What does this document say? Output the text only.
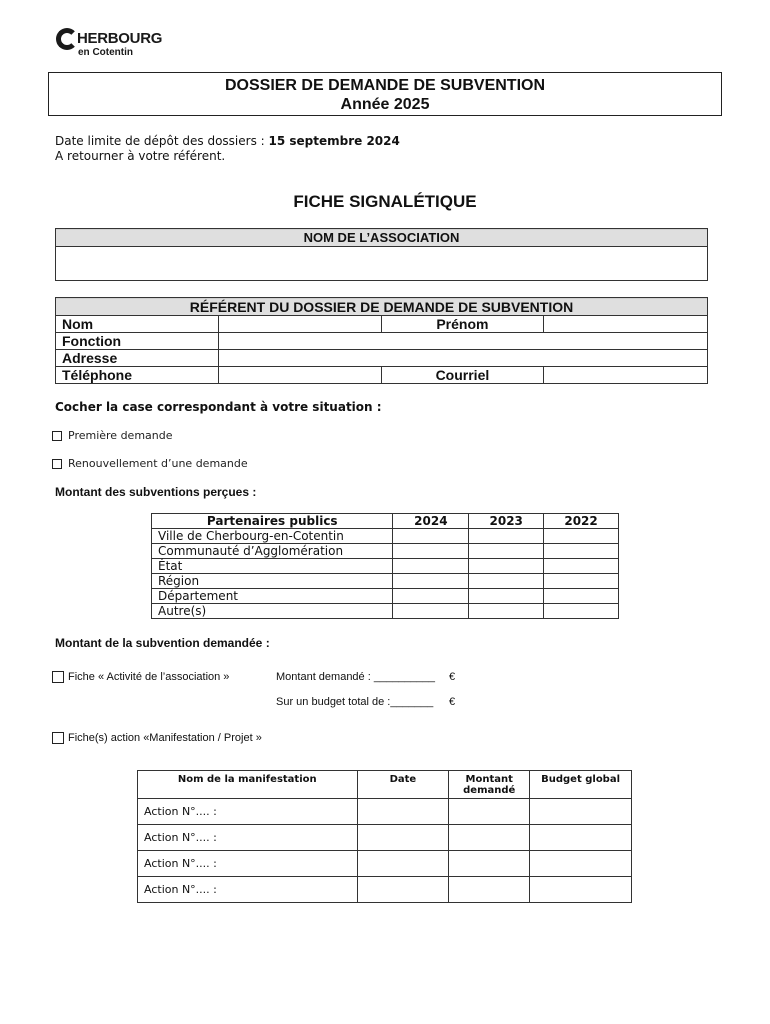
HERBOURG
en Cotentin
DOSSIER DE DEMANDE DE SUBVENTION
Année 2025
Date limite de dépôt des dossiers : 15 septembre 2024
A retourner à votre référent.
FICHE SIGNALÉTIQUE
NOM DE L’ASSOCIATION

RÉFÉRENT DU DOSSIER DE DEMANDE DE SUBVENTION			
Nom		Prénom	
Fonction			
Adresse			
Téléphone		Courriel	
Cocher la case correspondant à votre situation :
Première demande
Renouvellement d’une demande
Montant des subventions perçues :
Partenaires publics	2024	2023	2022
Ville de Cherbourg-en-Cotentin			
Communauté d’Agglomération			
État			
Région			
Département			
Autre(s)			
Montant de la subvention demandée :
Fiche « Activité de l’association »	Montant demandé : __________ €
Sur un budget total de :_______ €
Fiche(s) action «Manifestation / Projet »
Nom de la manifestation	Date	Montant demandé	Budget global
Action N°.... :			
Action N°.... :			
Action N°.... :			
Action N°.... :			
